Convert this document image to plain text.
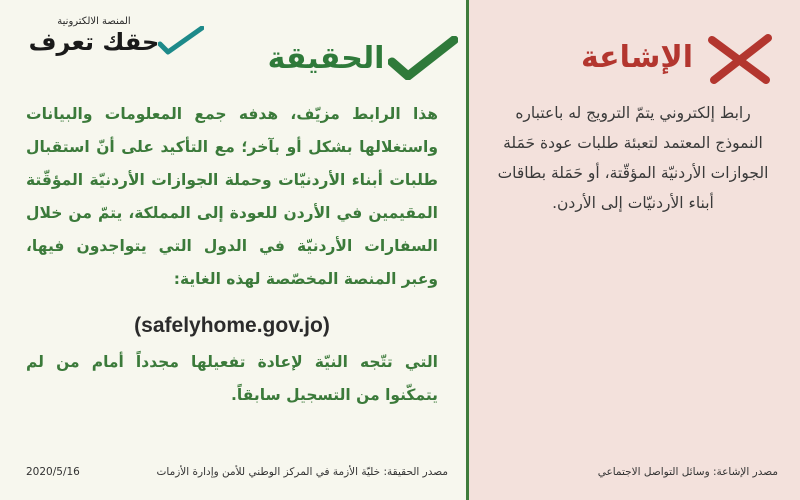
المنصة الالكترونية
حقك تعرف	الحقيقة	الإشاعة

هذا الرابط مزيّف، هدفه جمع المعلومات والبيانات واستغلالها بشكل أو بآخر؛ مع التأكيد على أنّ استقبال طلبات أبناء الأردنيّات وحملة الجوازات الأردنيّة المؤقّتة المقيمين في الأردن للعودة إلى المملكة، يتمّ من خلال السفارات الأردنيّة في الدول التي يتواجدون فيها، وعبر المنصة المخصّصة لهذه الغاية:

(safelyhome.gov.jo)

التي تتّجه النيّة لإعادة تفعيلها مجدداً أمام من لم يتمكّنوا من التسجيل سابقاً.

رابط إلكتروني يتمّ الترويج له باعتباره النموذج المعتمد لتعبئة طلبات عودة حَمَلة الجوازات الأردنيّة المؤقّتة، أو حَمَلة بطاقات أبناء الأردنيّات إلى الأردن.

مصدر الحقيقة: خليّة الأزمة في المركز الوطني للأمن وإدارة الأزمات
2020/5/16	مصدر الإشاعة: وسائل التواصل الاجتماعي
